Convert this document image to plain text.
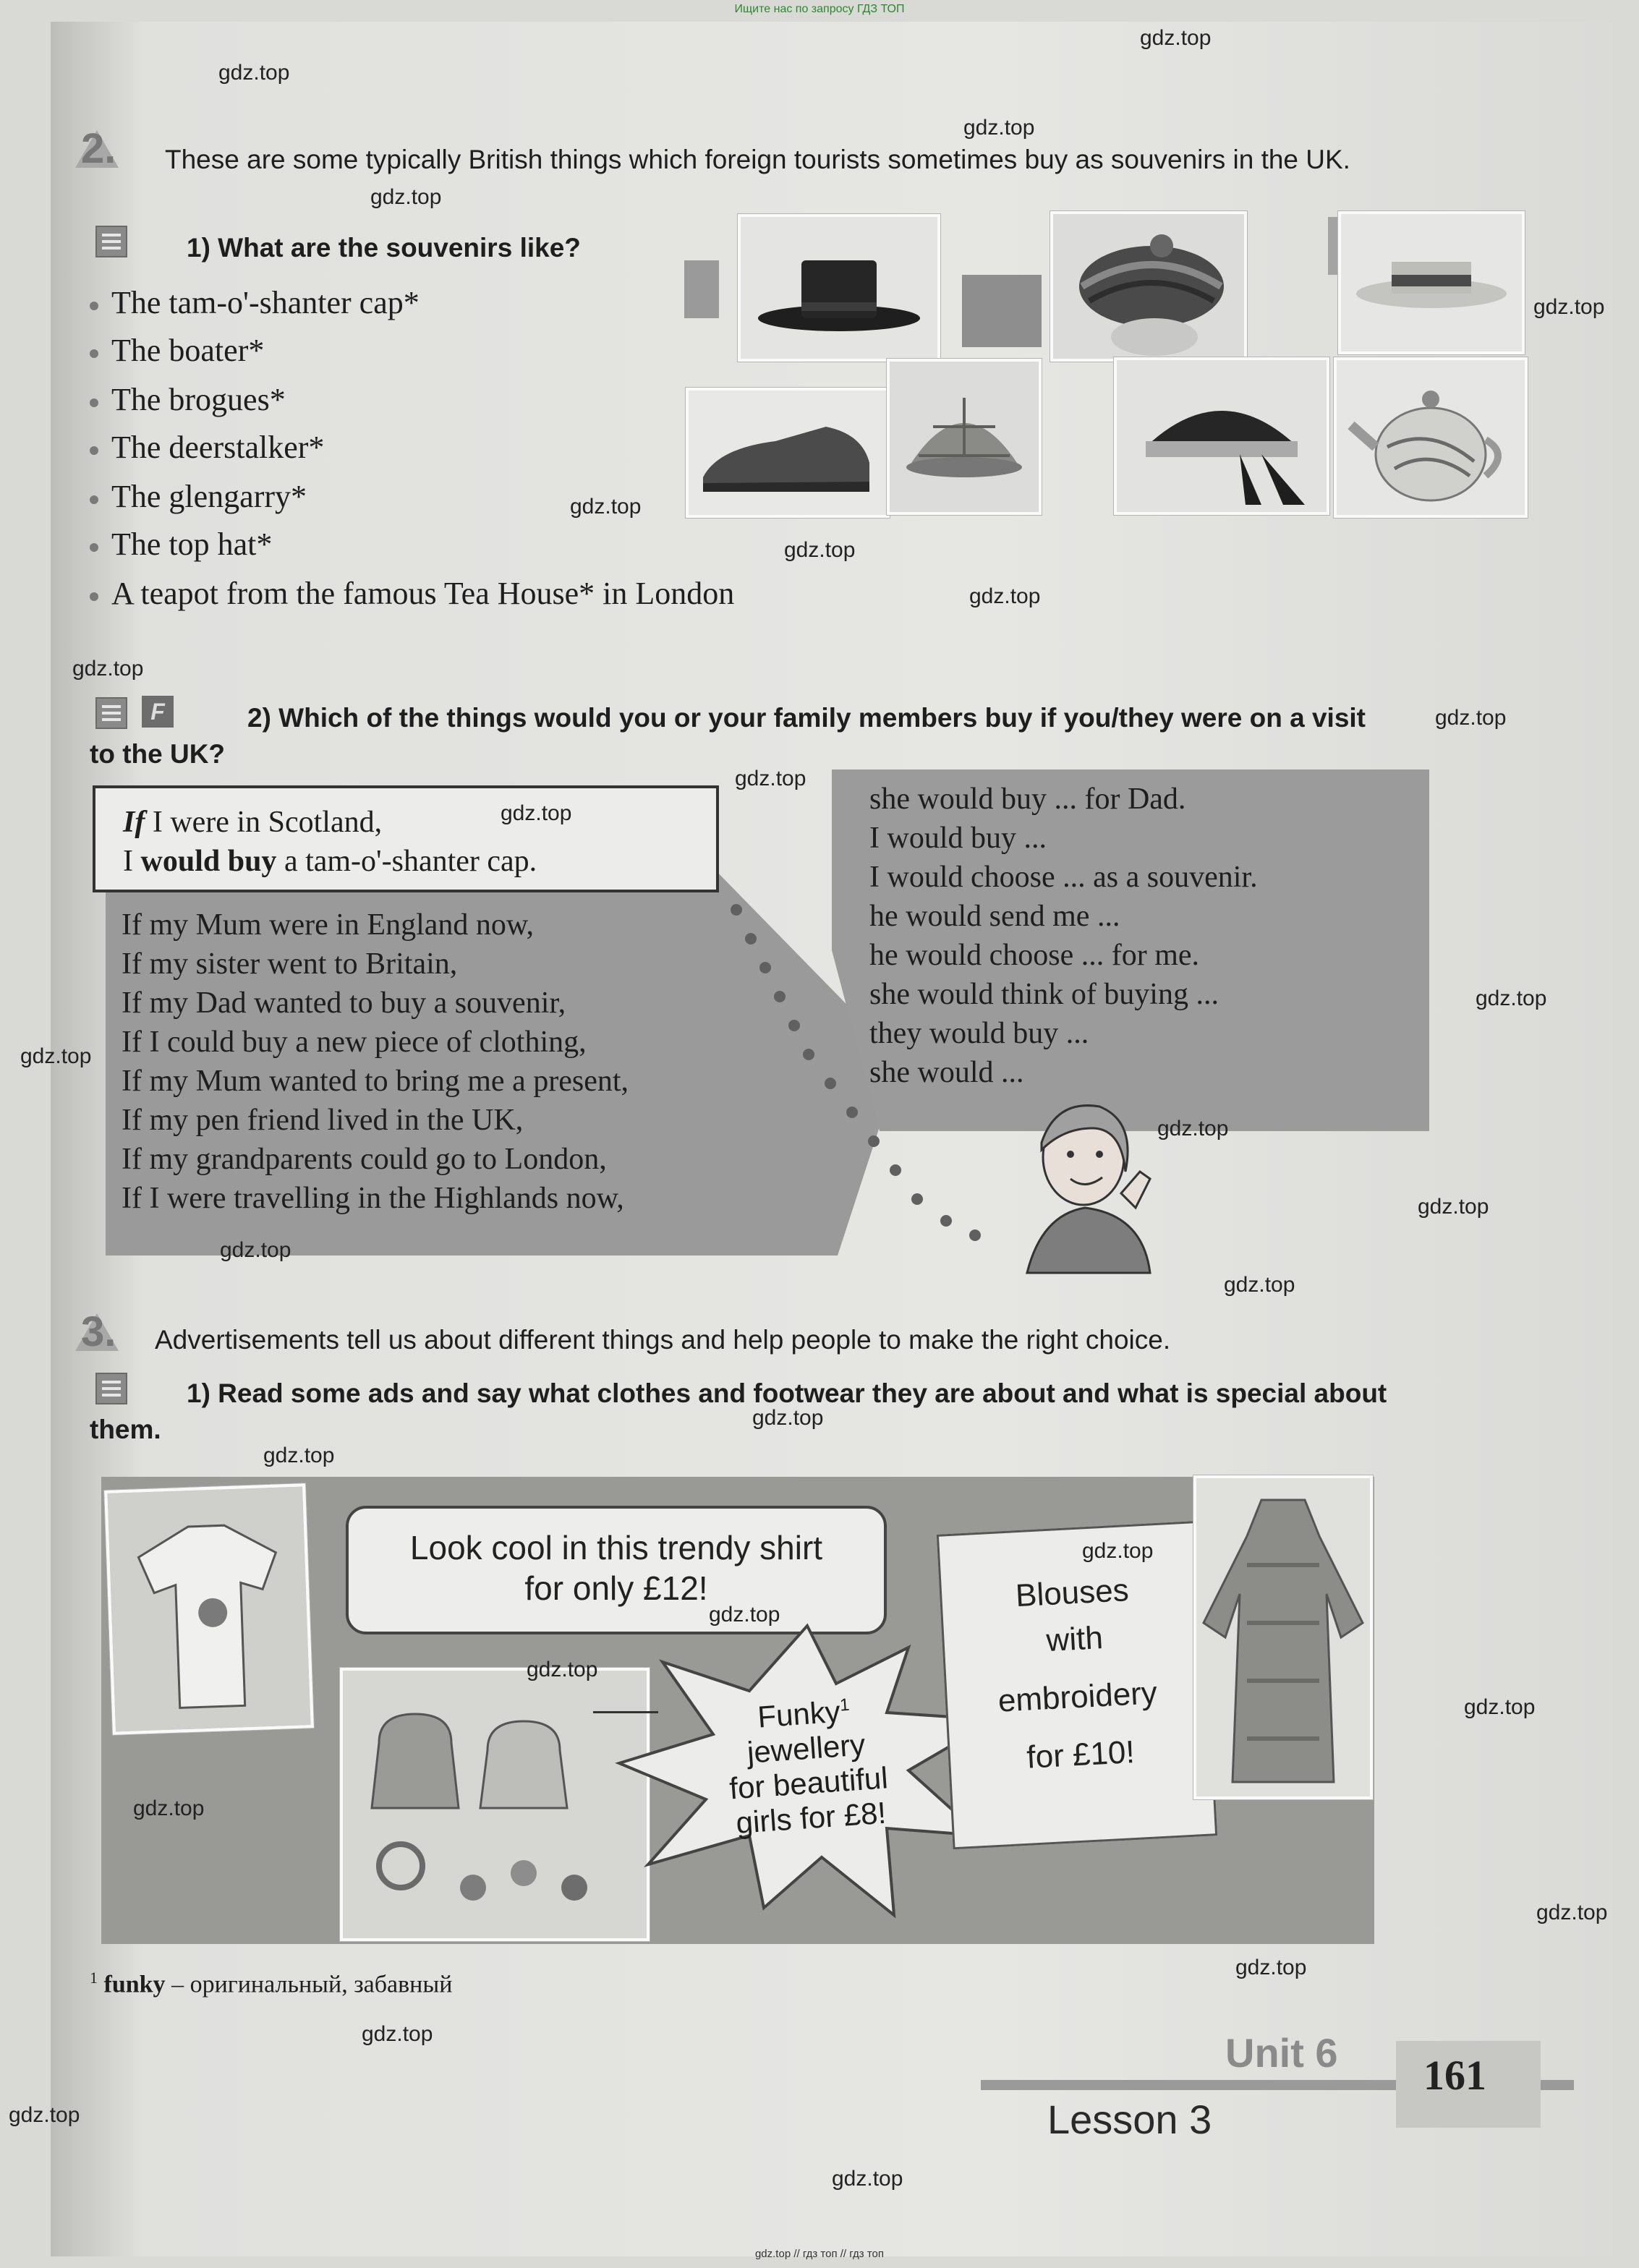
Ищите нас по запросу ГДЗ ТОП
2.	These are some typically British things which foreign tourists sometimes buy as souvenirs in the UK.
1) What are the souvenirs like?
The tam-o'-shanter cap*
The boater*
The brogues*
The deerstalker*
The glengarry*
The top hat*
A teapot from the famous Tea House* in London
F	2) Which of the things would you or your family members buy if you/they were on a visit to the UK?
If I were in Scotland,
I would buy a tam-o'-shanter cap.
If my Mum were in England now,
If my sister went to Britain,
If my Dad wanted to buy a souvenir,
If I could buy a new piece of clothing,
If my Mum wanted to bring me a present,
If my pen friend lived in the UK,
If my grandparents could go to London,
If I were travelling in the Highlands now,
she would buy ... for Dad.
I would buy ...
I would choose ... as a souvenir.
he would send me ...
he would choose ... for me.
she would think of buying ...
they would buy ...
she would ...
3. Advertisements tell us about different things and help people to make the right choice.
1) Read some ads and say what clothes and footwear they are about and what is special about them.
Look cool in this trendy shirt
for only £12!
Funky$^1$
jewellery
for beautiful
girls for £8!
Blouses
with
embroidery
for £10!
$^1$ funky – оригинальный, забавный
Unit 6
Lesson 3
161
gdz.top
gdz.top
gdz.top
gdz.top
gdz.top
gdz.top
gdz.top
gdz.top
gdz.top
gdz.top
gdz.top
gdz.top
gdz.top
gdz.top
gdz.top
gdz.top
gdz.top
gdz.top
gdz.top
gdz.top
gdz.top
gdz.top
gdz.top
gdz.top
gdz.top
gdz.top
gdz.top
gdz.top
gdz.top
gdz.top
gdz.top // гдз топ // гдз топ
